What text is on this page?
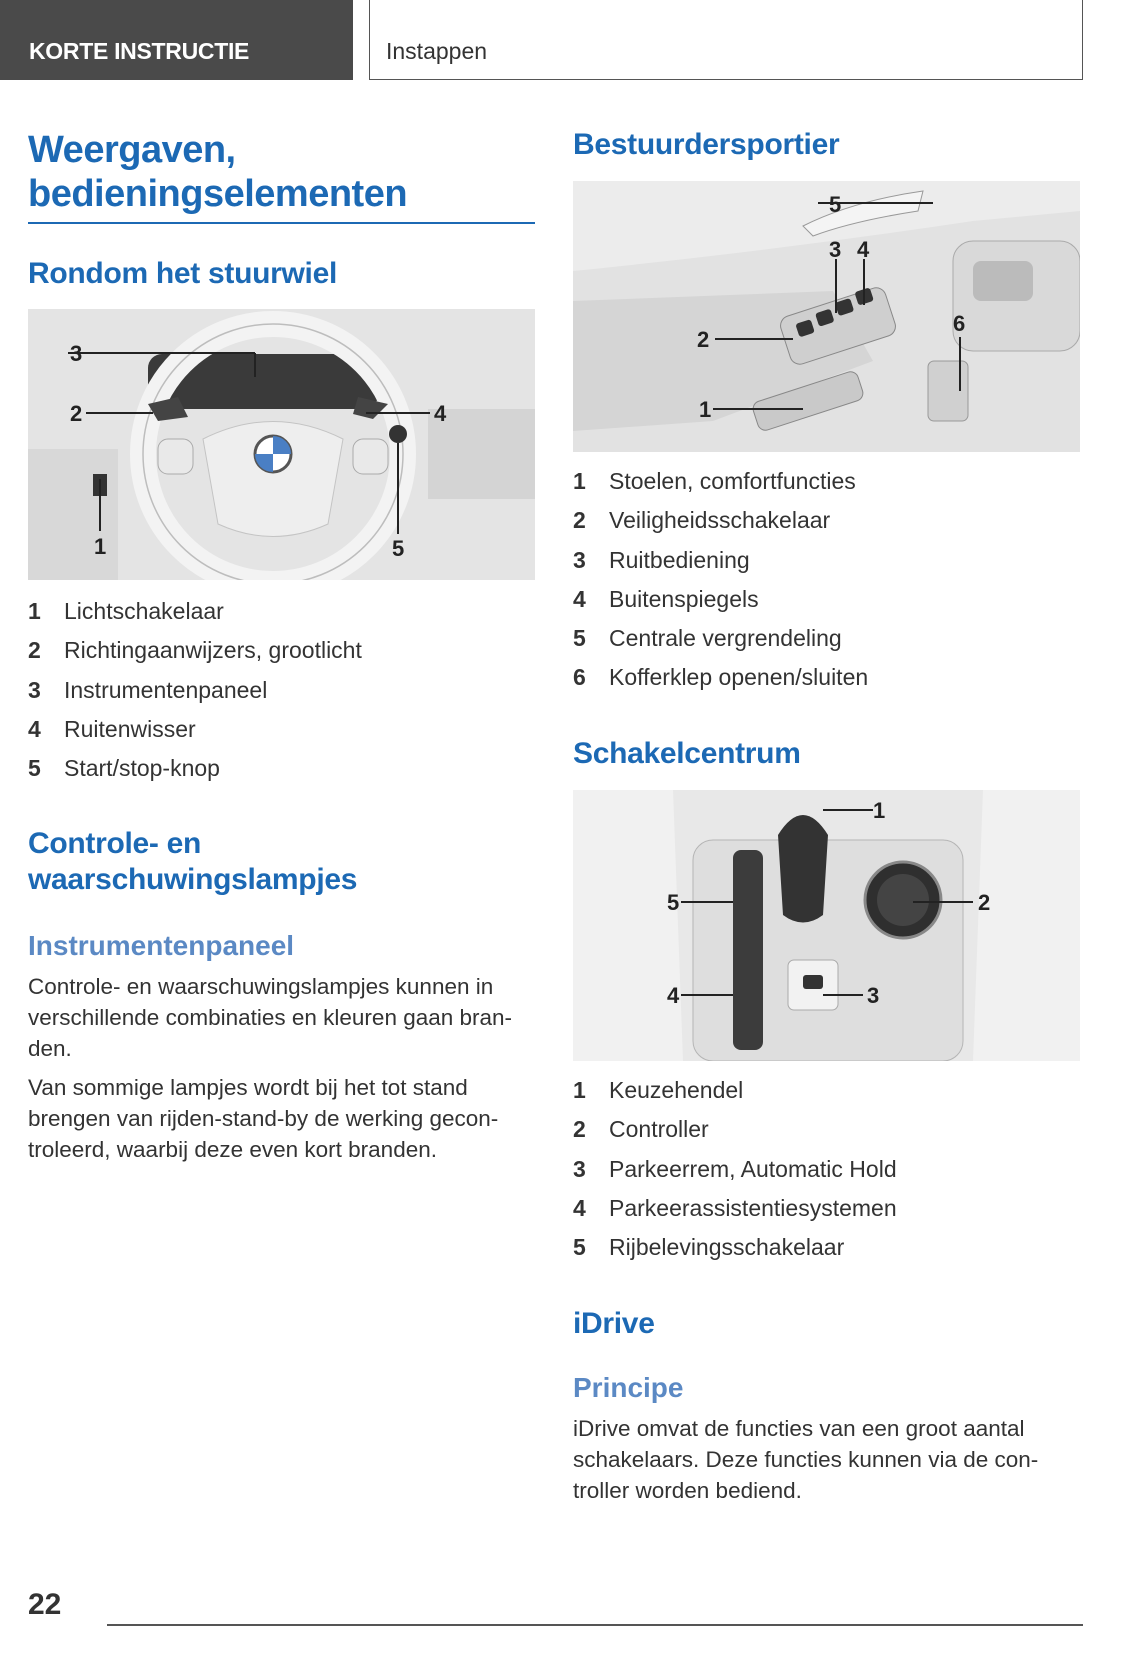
KORTE INSTRUCTIE	Instappen
Weergaven,
bedieningselementen
Rondom het stuurwiel
3
2	4
5
1
1 Lichtschakelaar
2 Richtingaanwijzers, grootlicht
3 Instrumentenpaneel
4 Ruitenwisser
5 Start/stop-knop
Controle- en
waarschuwingslampjes
Instrumentenpaneel
Controle- en waarschuwingslampjes kunnen in
verschillende combinaties en kleuren gaan bran-
den.
Van sommige lampjes wordt bij het tot stand
brengen van rijden-stand-by de werking gecon-
troleerd, waarbij deze even kort branden.
Bestuurdersportier
5
3 4
2
1
6
1 Stoelen, comfortfuncties
2 Veiligheidsschakelaar
3 Ruitbediening
4 Buitenspiegels
5 Centrale vergrendeling
6 Kofferklep openen/sluiten
Schakelcentrum
1
5	2
4	3
1 Keuzehendel
2 Controller
3 Parkeerrem, Automatic Hold
4 Parkeerassistentiesystemen
5 Rijbelevingsschakelaar
iDrive
Principe
iDrive omvat de functies van een groot aantal
schakelaars. Deze functies kunnen via de con-
troller worden bediend.
22
